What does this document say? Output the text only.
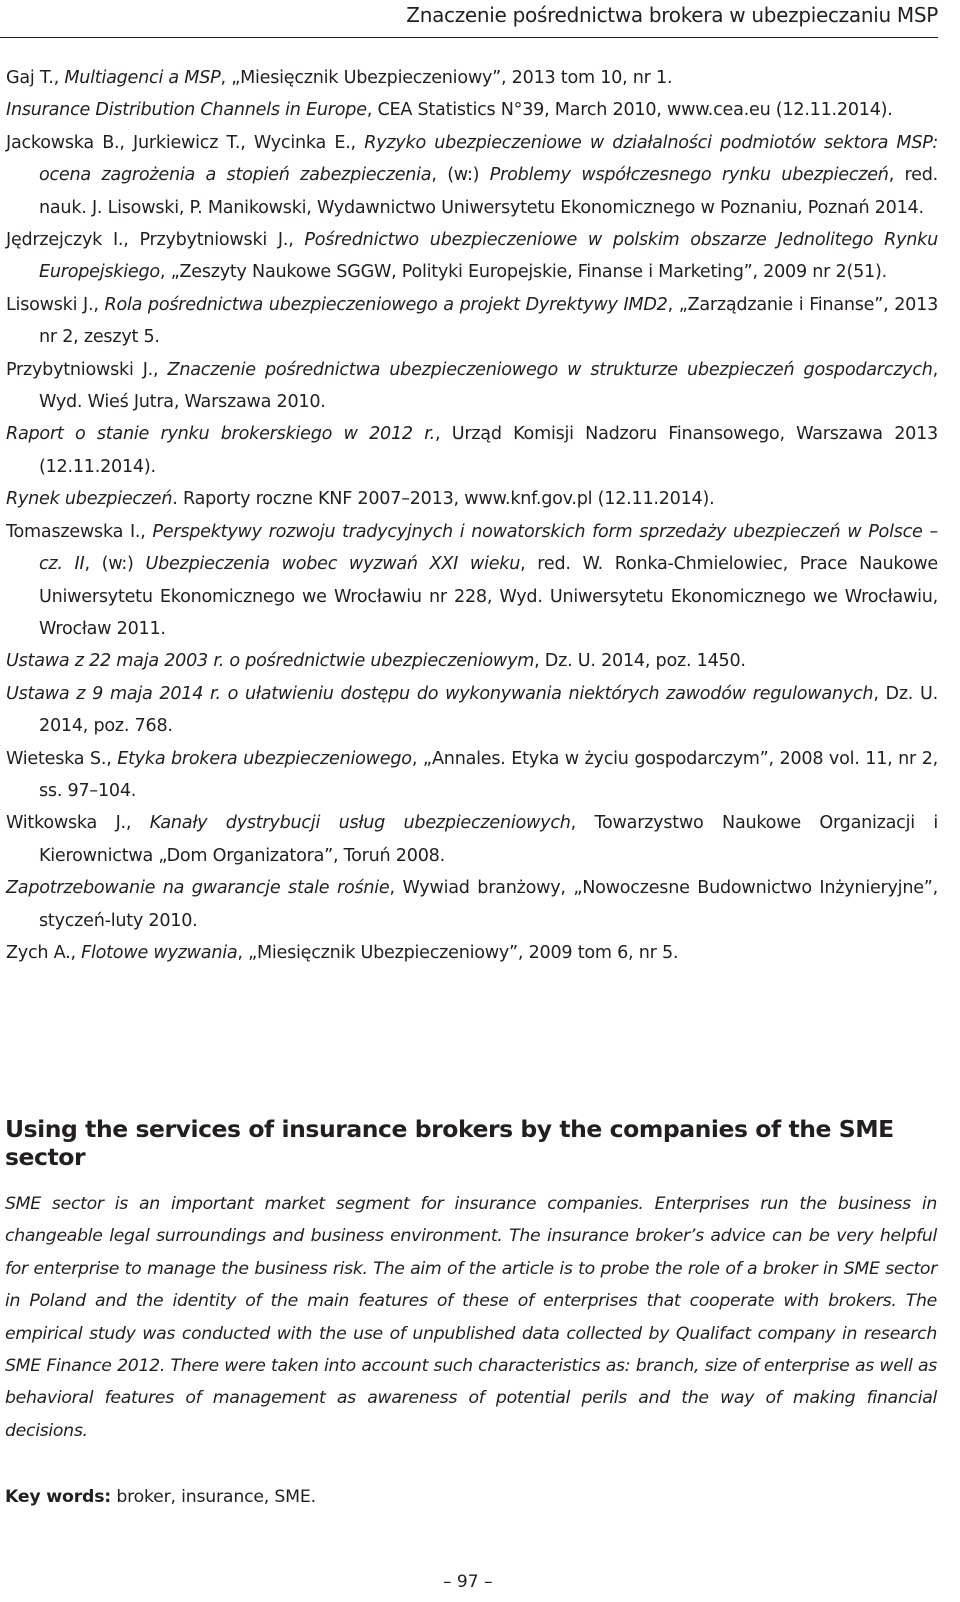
Znaczenie pośrednictwa brokera w ubezpieczaniu MSP

Gaj T., Multiagenci a MSP, „Miesięcznik Ubezpieczeniowy”, 2013 tom 10, nr 1.

Insurance Distribution Channels in Europe, CEA Statistics N°39, March 2010, www.cea.eu (12.11.2014).

Jackowska B., Jurkiewicz T., Wycinka E., Ryzyko ubezpieczeniowe w działalności podmiotów sektora MSP: ocena zagrożenia a stopień zabezpieczenia, (w:) Problemy współczesnego rynku ubezpieczeń, red. nauk. J. Lisowski, P. Manikowski, Wydawnictwo Uniwersytetu Ekonomicznego w Poznaniu, Poznań 2014.

Jędrzejczyk I., Przybytniowski J., Pośrednictwo ubezpieczeniowe w polskim obszarze Jednolitego Rynku Europejskiego, „Zeszyty Naukowe SGGW, Polityki Europejskie, Finanse i Marketing”, 2009 nr 2(51).

Lisowski J., Rola pośrednictwa ubezpieczeniowego a projekt Dyrektywy IMD2, „Zarządzanie i Finanse”, 2013 nr 2, zeszyt 5.

Przybytniowski J., Znaczenie pośrednictwa ubezpieczeniowego w strukturze ubezpieczeń gospodarczych, Wyd. Wieś Jutra, Warszawa 2010.

Raport o stanie rynku brokerskiego w 2012 r., Urząd Komisji Nadzoru Finansowego, Warszawa 2013 (12.11.2014).

Rynek ubezpieczeń. Raporty roczne KNF 2007–2013, www.knf.gov.pl (12.11.2014).

Tomaszewska I., Perspektywy rozwoju tradycyjnych i nowatorskich form sprzedaży ubezpieczeń w Polsce – cz. II, (w:) Ubezpieczenia wobec wyzwań XXI wieku, red. W. Ronka-Chmielowiec, Prace Naukowe Uniwersytetu Ekonomicznego we Wrocławiu nr 228, Wyd. Uniwersytetu Ekonomicznego we Wrocławiu, Wrocław 2011.

Ustawa z 22 maja 2003 r. o pośrednictwie ubezpieczeniowym, Dz. U. 2014, poz. 1450.

Ustawa z 9 maja 2014 r. o ułatwieniu dostępu do wykonywania niektórych zawodów regulowanych, Dz. U. 2014, poz. 768.

Wieteska S., Etyka brokera ubezpieczeniowego, „Annales. Etyka w życiu gospodarczym”, 2008 vol. 11, nr 2, ss. 97–104.

Witkowska J., Kanały dystrybucji usług ubezpieczeniowych, Towarzystwo Naukowe Organizacji i Kierownictwa „Dom Organizatora”, Toruń 2008.

Zapotrzebowanie na gwarancje stale rośnie, Wywiad branżowy, „Nowoczesne Budownictwo Inżynieryjne”, styczeń-luty 2010.

Zych A., Flotowe wyzwania, „Miesięcznik Ubezpieczeniowy”, 2009 tom 6, nr 5.

Using the services of insurance brokers by the companies of the SME sector

SME sector is an important market segment for insurance companies. Enterprises run the business in changeable legal surroundings and business environment. The insurance broker’s advice can be very helpful for enterprise to manage the business risk. The aim of the article is to probe the role of a broker in SME sector in Poland and the identity of the main features of these of enterprises that cooperate with brokers. The empirical study was conducted with the use of unpublished data collected by Qualifact company in research SME Finance 2012. There were taken into account such characteristics as: branch, size of enterprise as well as behavioral features of management as awareness of potential perils and the way of making financial decisions.

Key words: broker, insurance, SME.

– 97 –
